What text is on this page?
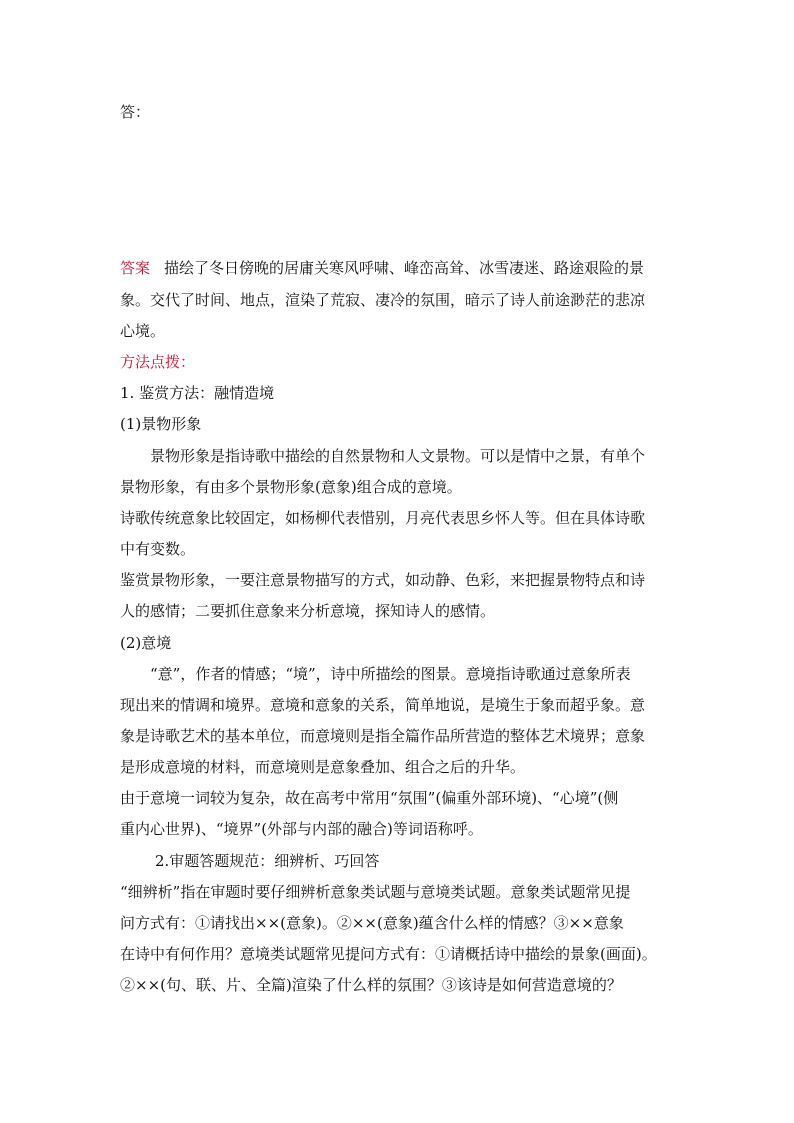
答：
答案 描绘了冬日傍晚的居庸关寒风呼啸、峰峦高耸、冰雪凄迷、路途艰险的景
象。交代了时间、地点，渲染了荒寂、凄冷的氛围，暗示了诗人前途渺茫的悲凉
心境。
方法点拨：
1. 鉴赏方法：融情造境
(1)景物形象
景物形象是指诗歌中描绘的自然景物和人文景物。可以是情中之景，有单个
景物形象，有由多个景物形象(意象)组合成的意境。
诗歌传统意象比较固定，如杨柳代表惜别，月亮代表思乡怀人等。但在具体诗歌
中有变数。
鉴赏景物形象，一要注意景物描写的方式，如动静、色彩，来把握景物特点和诗
人的感情；二要抓住意象来分析意境，探知诗人的感情。
(2)意境
“意”，作者的情感；“境”，诗中所描绘的图景。意境指诗歌通过意象所表
现出来的情调和境界。意境和意象的关系，简单地说，是境生于象而超乎象。意
象是诗歌艺术的基本单位，而意境则是指全篇作品所营造的整体艺术境界；意象
是形成意境的材料，而意境则是意象叠加、组合之后的升华。
由于意境一词较为复杂，故在高考中常用“氛围”(偏重外部环境)、“心境”(侧
重内心世界)、“境界”(外部与内部的融合)等词语称呼。
2.审题答题规范：细辨析、巧回答
“细辨析”指在审题时要仔细辨析意象类试题与意境类试题。意象类试题常见提
问方式有：①请找出××(意象)。②××(意象)蕴含什么样的情感？③××意象
在诗中有何作用？意境类试题常见提问方式有：①请概括诗中描绘的景象(画面)。
②××(句、联、片、全篇)渲染了什么样的氛围？③该诗是如何营造意境的？
